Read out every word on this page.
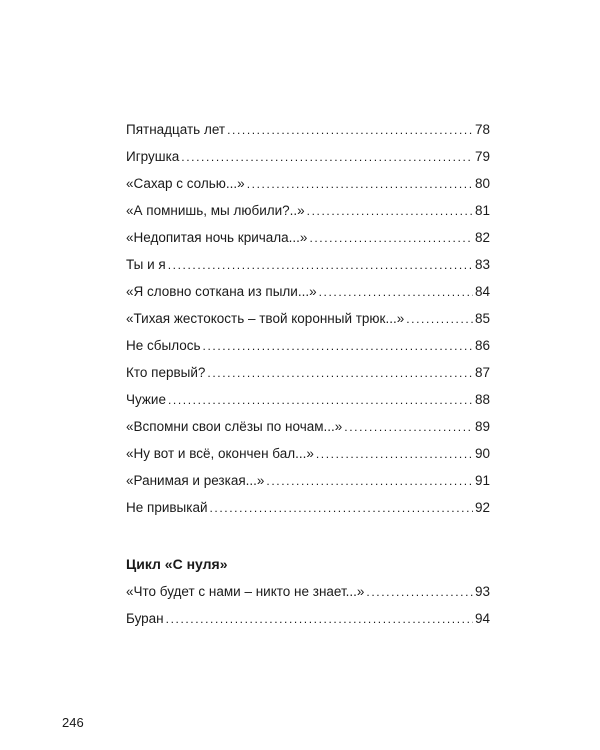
Пятнадцать лет .....	78
Игрушка .....	79
«Сахар с солью...» .....	80
«А помнишь, мы любили?..» .....	81
«Недопитая ночь кричала...» .....	82
Ты и я .....	83
«Я словно соткана из пыли...» .....	84
«Тихая жестокость – твой коронный трюк...» .....	85
Не сбылось .....	86
Кто первый? .....	87
Чужие .....	88
«Вспомни свои слёзы по ночам...» .....	89
«Ну вот и всё, окончен бал...» .....	90
«Ранимая и резкая...» .....	91
Не привыкай .....	92
Цикл «С нуля»
«Что будет с нами – никто не знает...» .....	93
Буран .....	94
246
